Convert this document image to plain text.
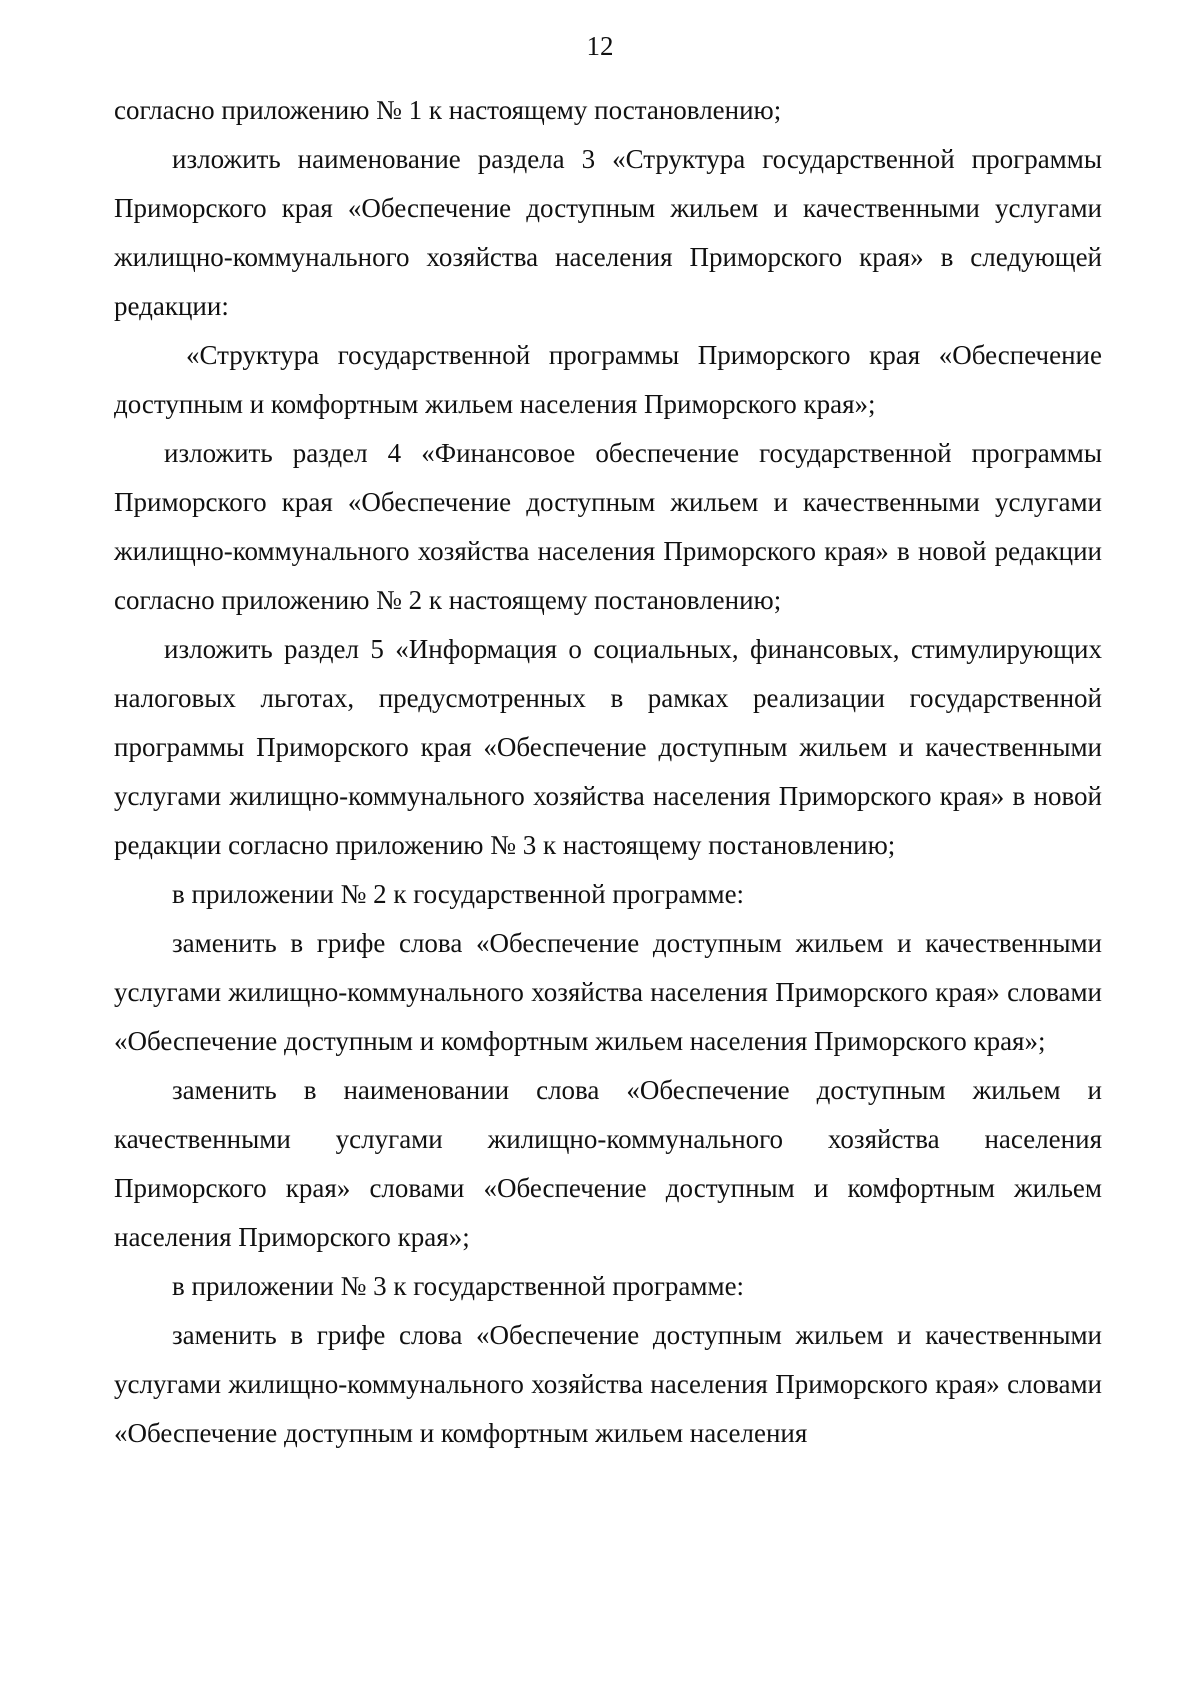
12

согласно приложению № 1 к настоящему постановлению;

изложить наименование раздела 3 «Структура государственной программы Приморского края «Обеспечение доступным жильем и качественными услугами жилищно-коммунального хозяйства населения Приморского края» в следующей редакции:

«Структура государственной программы Приморского края «Обеспечение доступным и комфортным жильем населения Приморского края»;

изложить раздел 4 «Финансовое обеспечение государственной программы Приморского края «Обеспечение доступным жильем и качественными услугами жилищно-коммунального хозяйства населения Приморского края» в новой редакции согласно приложению № 2 к настоящему постановлению;

изложить раздел 5 «Информация о социальных, финансовых, стимулирующих налоговых льготах, предусмотренных в рамках реализации государственной программы Приморского края «Обеспечение доступным жильем и качественными услугами жилищно-коммунального хозяйства населения Приморского края» в новой редакции согласно приложению № 3 к настоящему постановлению;

в приложении № 2 к государственной программе:

заменить в грифе слова «Обеспечение доступным жильем и качественными услугами жилищно-коммунального хозяйства населения Приморского края» словами «Обеспечение доступным и комфортным жильем населения Приморского края»;

заменить в наименовании слова «Обеспечение доступным жильем и качественными услугами жилищно-коммунального хозяйства населения Приморского края» словами «Обеспечение доступным и комфортным жильем населения Приморского края»;

в приложении № 3 к государственной программе:

заменить в грифе слова «Обеспечение доступным жильем и качественными услугами жилищно-коммунального хозяйства населения Приморского края» словами «Обеспечение доступным и комфортным жильем населения
